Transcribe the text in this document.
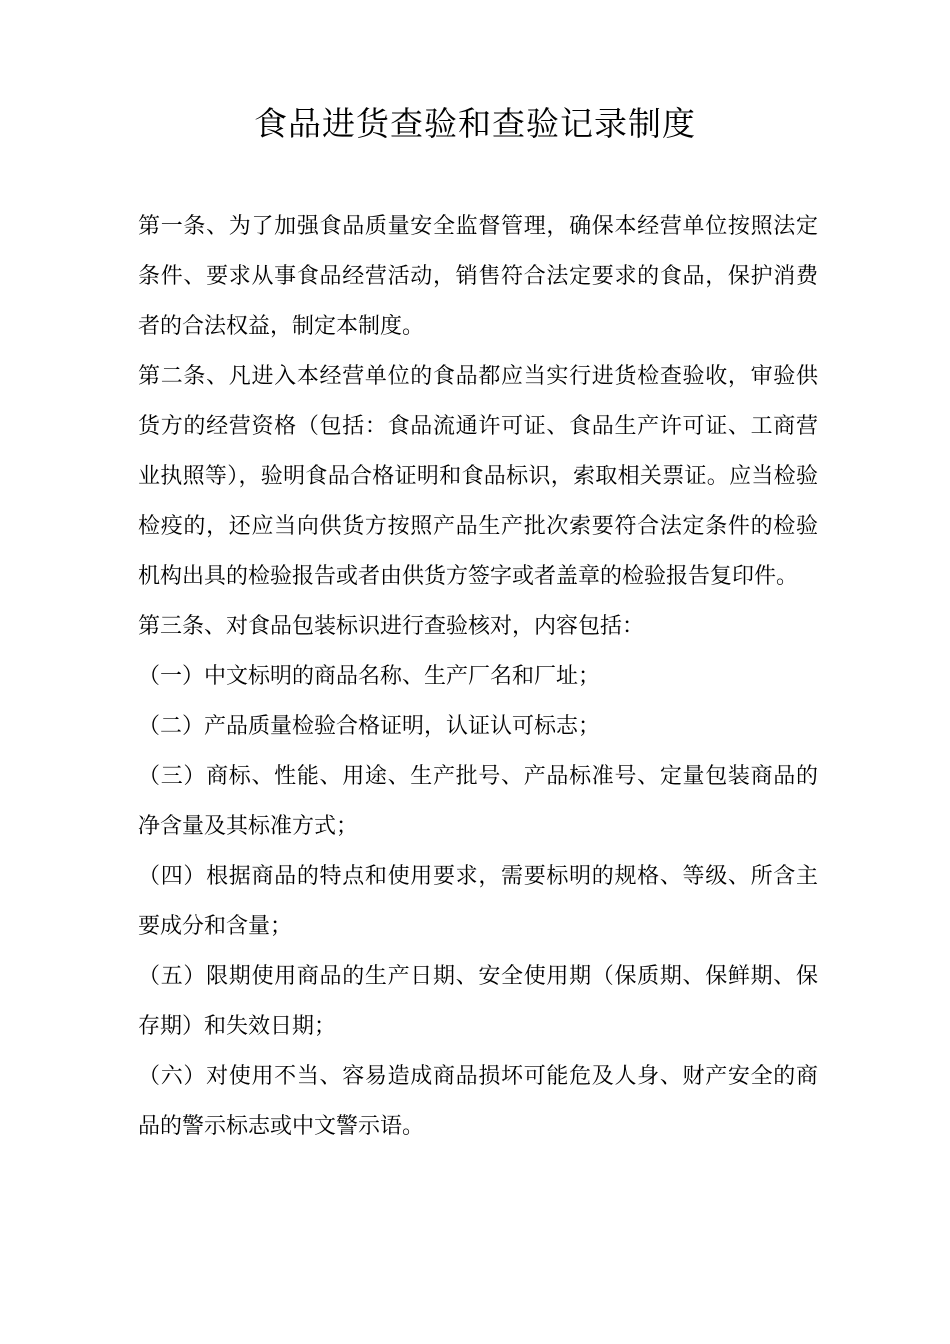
食品进货查验和查验记录制度

第一条、为了加强食品质量安全监督管理，确保本经营单位按照法定条件、要求从事食品经营活动，销售符合法定要求的食品，保护消费者的合法权益，制定本制度。

第二条、凡进入本经营单位的食品都应当实行进货检查验收，审验供货方的经营资格（包括：食品流通许可证、食品生产许可证、工商营业执照等），验明食品合格证明和食品标识，索取相关票证。应当检验检疫的，还应当向供货方按照产品生产批次索要符合法定条件的检验机构出具的检验报告或者由供货方签字或者盖章的检验报告复印件。

第三条、对食品包装标识进行查验核对，内容包括：

（一）中文标明的商品名称、生产厂名和厂址；

（二）产品质量检验合格证明，认证认可标志；

（三）商标、性能、用途、生产批号、产品标准号、定量包装商品的净含量及其标准方式；

（四）根据商品的特点和使用要求，需要标明的规格、等级、所含主要成分和含量；

（五）限期使用商品的生产日期、安全使用期（保质期、保鲜期、保存期）和失效日期；

（六）对使用不当、容易造成商品损坏可能危及人身、财产安全的商品的警示标志或中文警示语。
